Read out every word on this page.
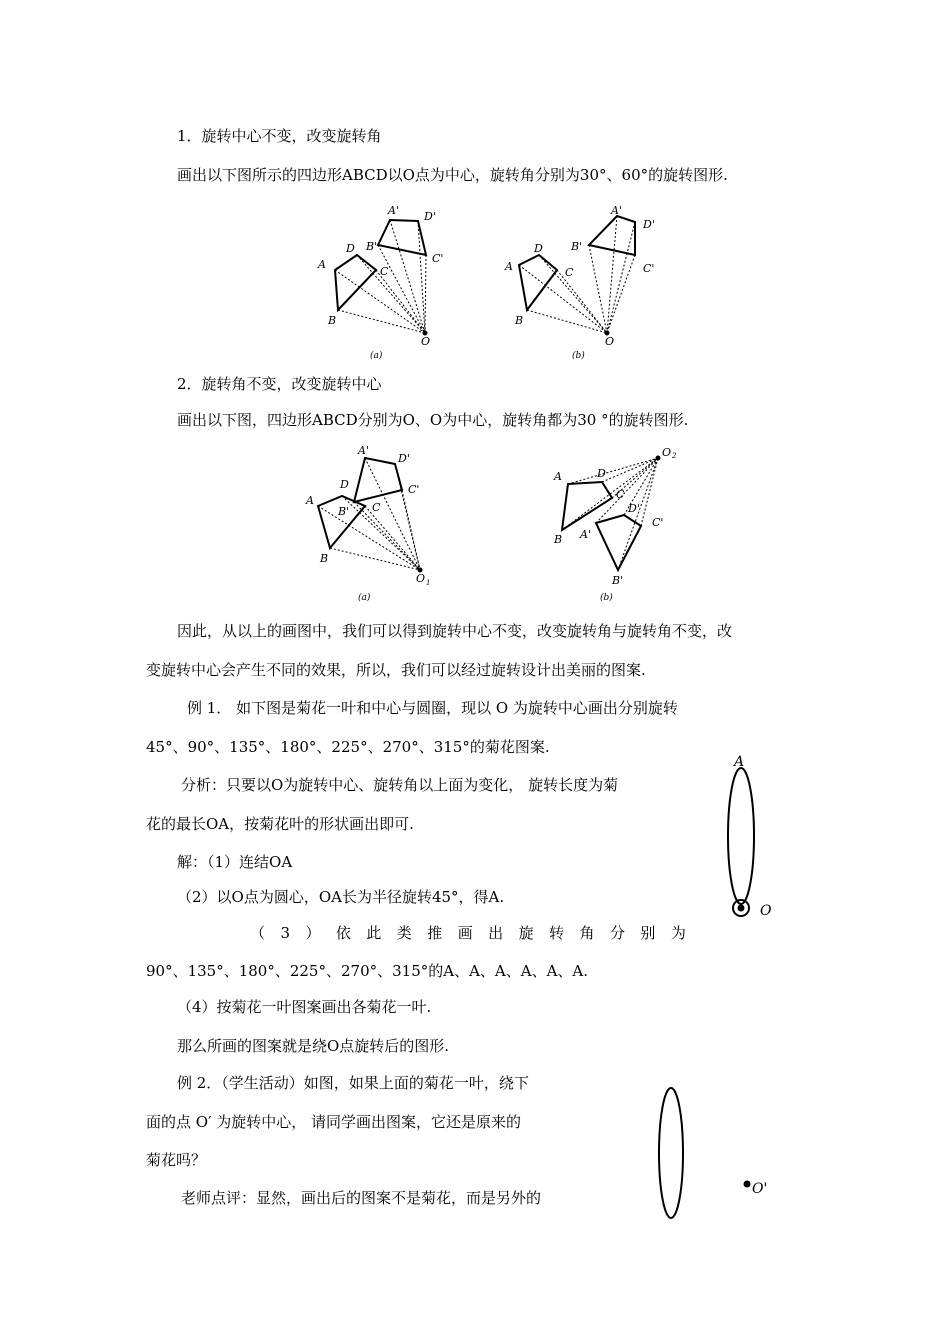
1．旋转中心不变，改变旋转角
画出以下图所示的四边形ABCD以O点为中心，旋转角分别为30°、60°的旋转图形.
A
D
C
B
A' D'
B'
C'
O
(a)
A
D
C
B
A'
D'
B'
C'
O
(b)
2．旋转角不变，改变旋转中心
画出以下图，四边形ABCD分别为O、O为中心，旋转角都为30 °的旋转图形.
A
D
C
B
A'
D'
B'
C'
O 1
(a)
A	D
C
B A'
D'
C'
B'
O 2
(b)
因此，从以上的画图中，我们可以得到旋转中心不变，改变旋转角与旋转角不变，改
变旋转中心会产生不同的效果，所以，我们可以经过旋转设计出美丽的图案.
例 1． 如下图是菊花一叶和中心与圆圈，现以 O 为旋转中心画出分别旋转
45°、90°、135°、180°、225°、270°、315°的菊花图案.
分析：只要以O为旋转中心、旋转角以上面为变化， 旋转长度为菊
花的最长OA，按菊花叶的形状画出即可.
解：（1）连结OA
（2）以O点为圆心，OA长为半径旋转45°，得A.
（ 3 ） 依 此 类 推 画 出 旋 转 角 分 别 为
90°、135°、180°、225°、270°、315°的A、A、A、A、A、A.
（4）按菊花一叶图案画出各菊花一叶.
那么所画的图案就是绕O点旋转后的图形.
A
O
例 2．（学生活动）如图，如果上面的菊花一叶，绕下
面的点 O′ 为旋转中心， 请同学画出图案，它还是原来的
菊花吗？
老师点评：显然，画出后的图案不是菊花，而是另外的	O'
